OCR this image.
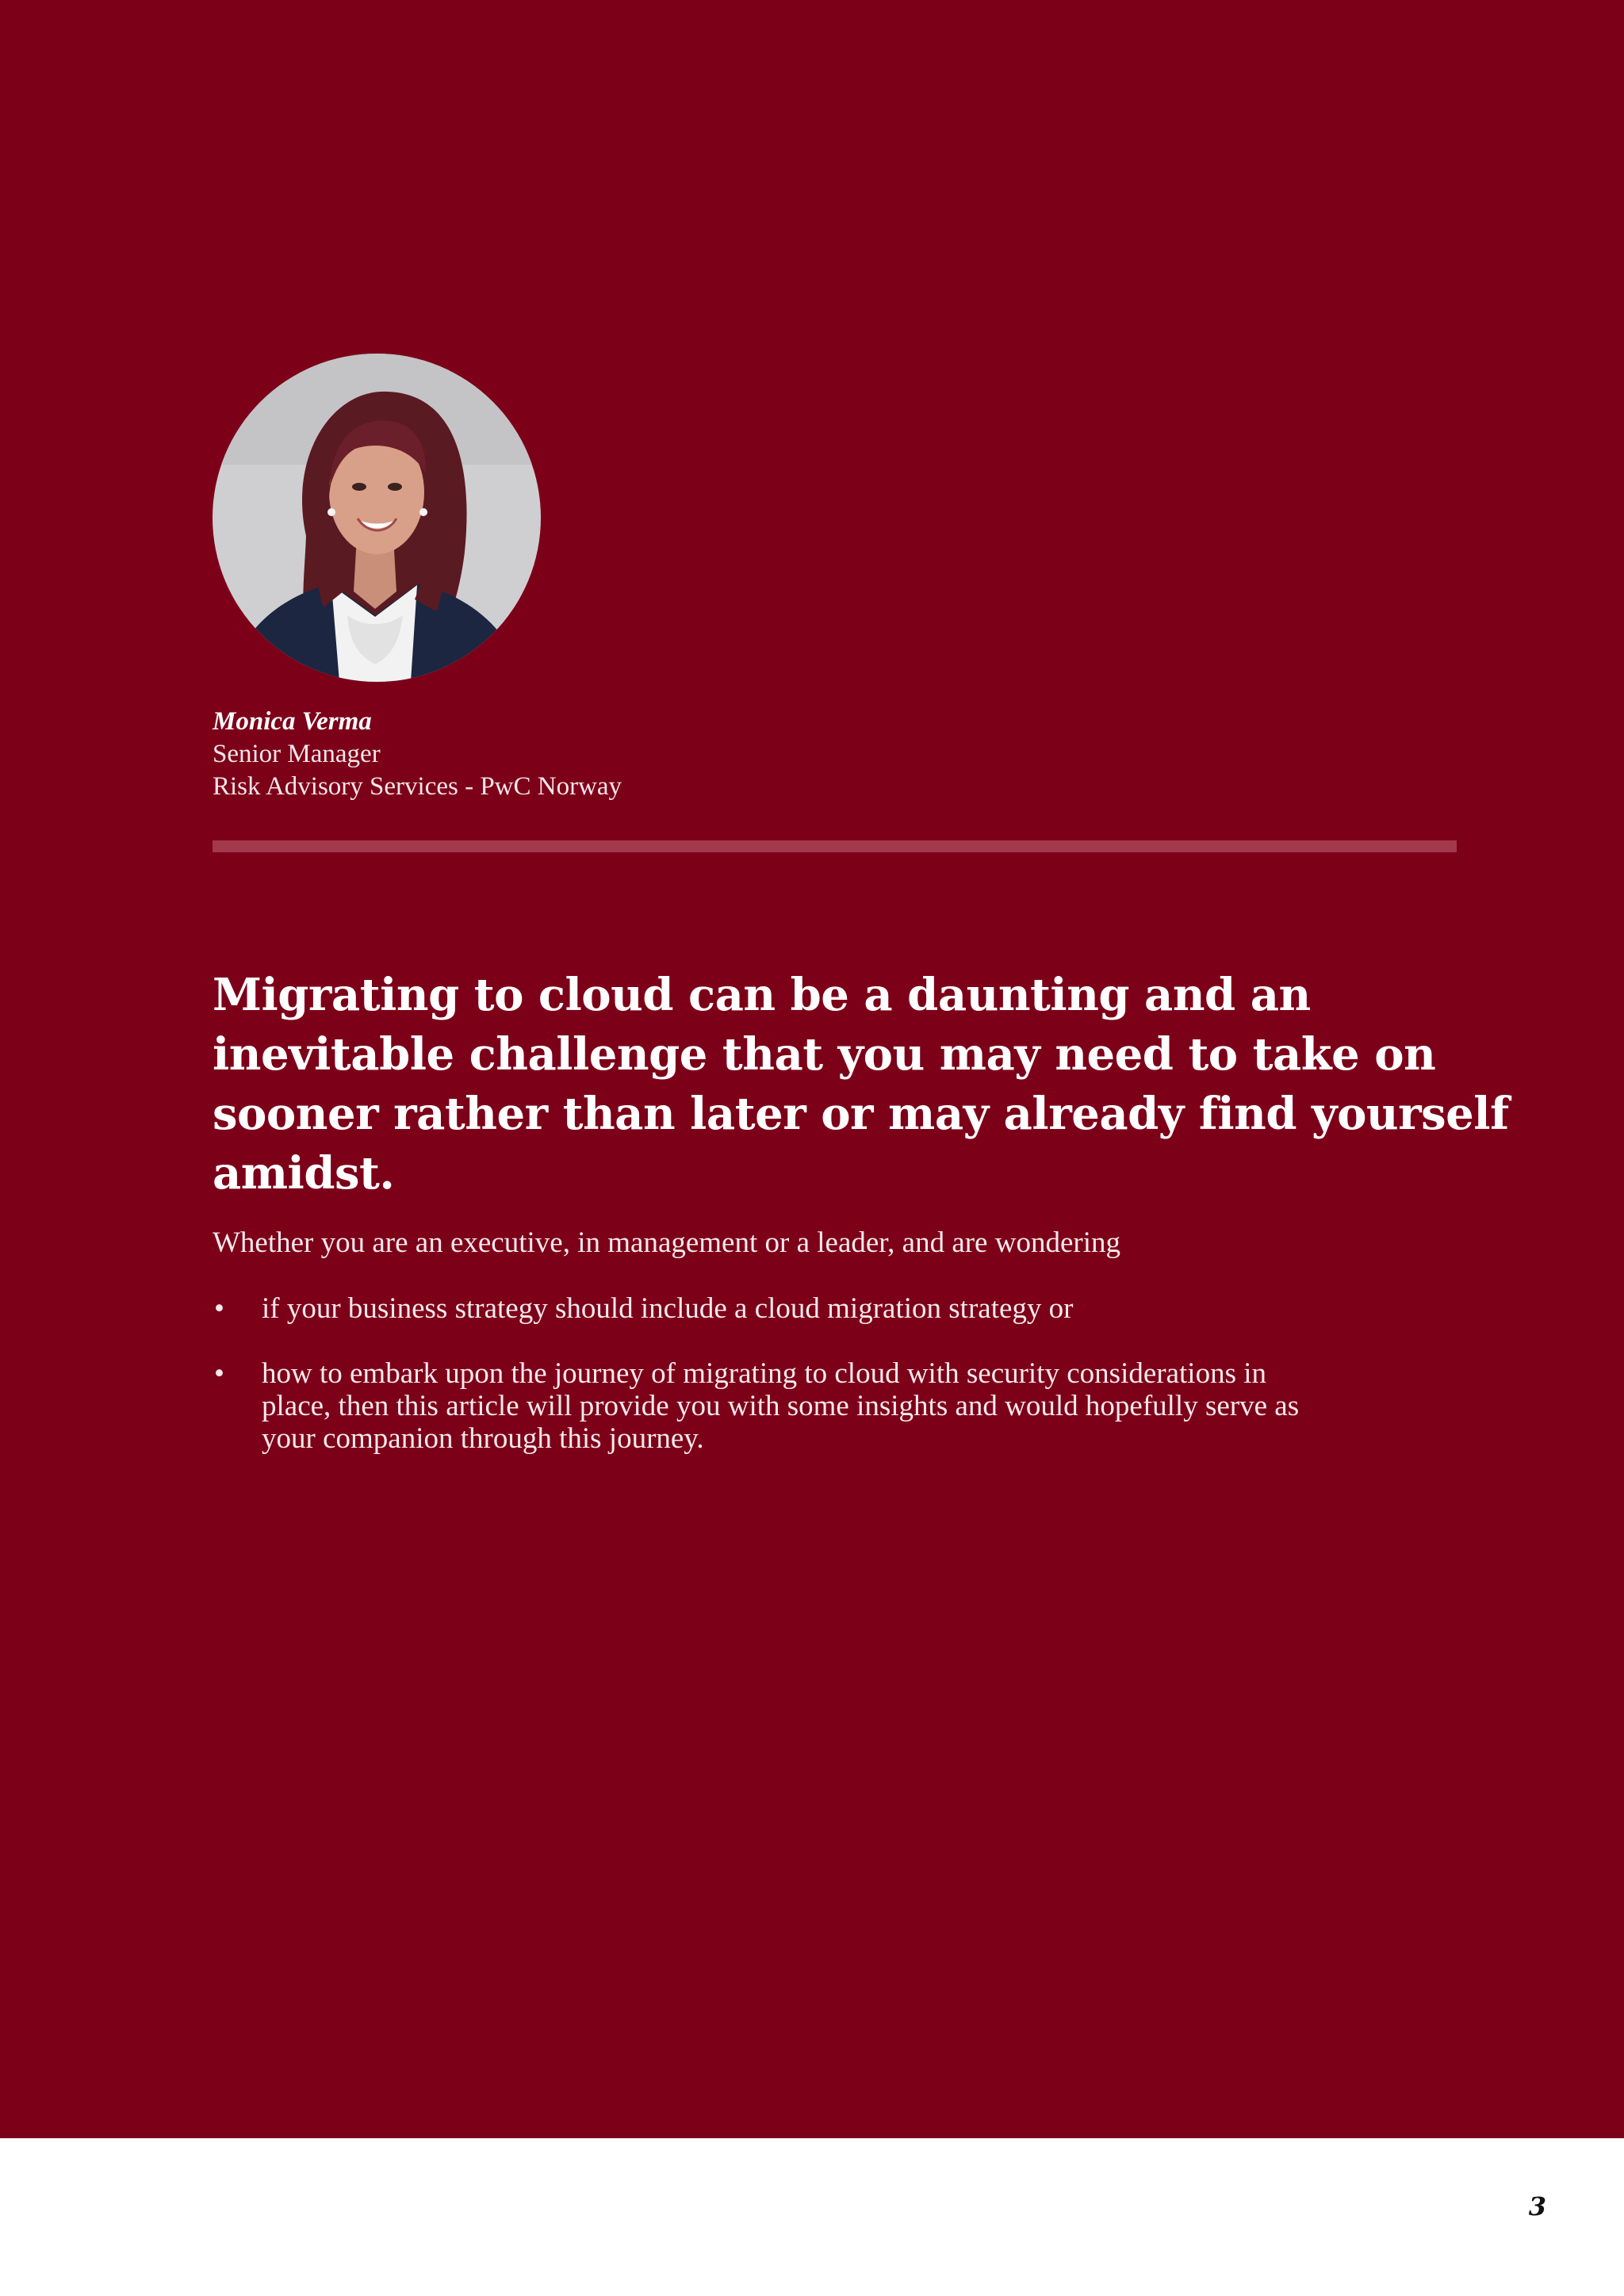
Monica Verma
Senior Manager
Risk Advisory Services - PwC Norway
Migrating to cloud can be a daunting and an inevitable challenge that you may need to take on sooner rather than later or may already find yourself amidst.
Whether you are an executive, in management or a leader, and are wondering
• if your business strategy should include a cloud migration strategy or
• how to embark upon the journey of migrating to cloud with security considerations in place, then this article will provide you with some insights and would hopefully serve as your companion through this journey.
3
